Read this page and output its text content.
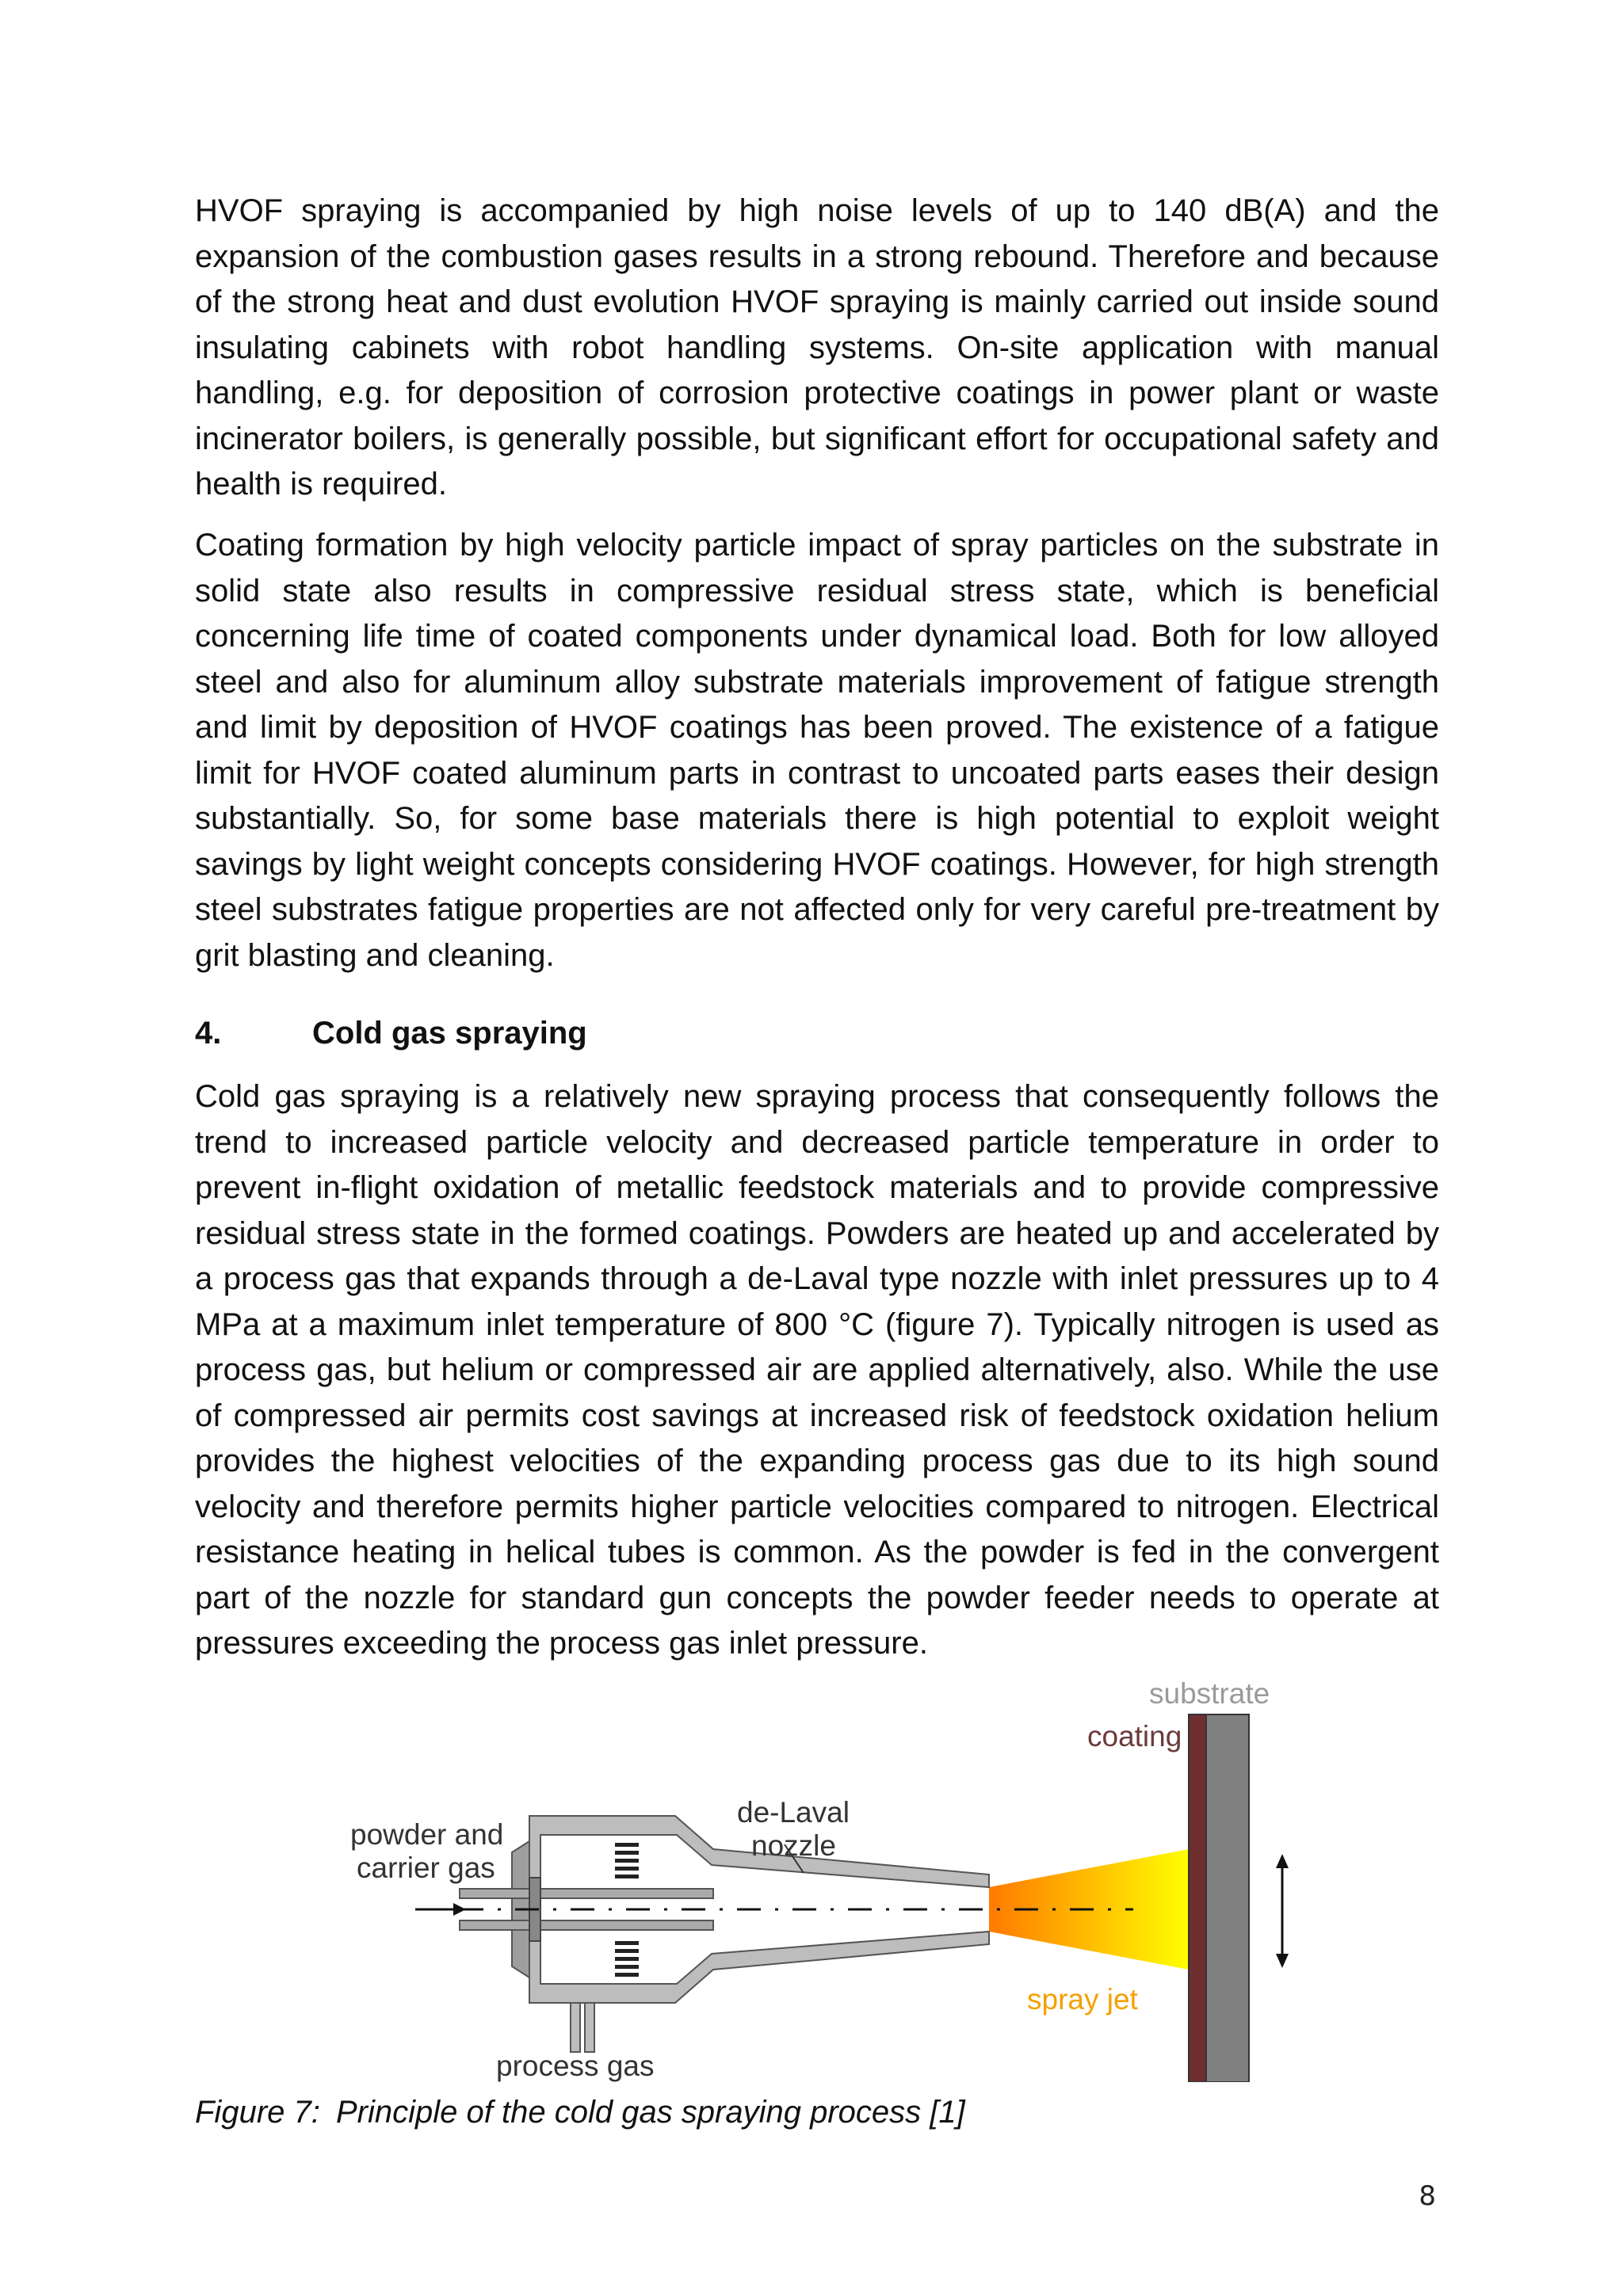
HVOF spraying is accompanied by high noise levels of up to 140 dB(A) and the expansion of the combustion gases results in a strong rebound. Therefore and because of the strong heat and dust evolution HVOF spraying is mainly carried out inside sound insulating cabinets with robot handling systems. On-site application with manual handling, e.g. for deposition of corrosion protective coatings in power plant or waste incinerator boilers, is generally possible, but significant effort for occupational safety and health is required.

Coating formation by high velocity particle impact of spray particles on the substrate in solid state also results in compressive residual stress state, which is beneficial concerning life time of coated components under dynamical load. Both for low alloyed steel and also for aluminum alloy substrate materials improvement of fatigue strength and limit by deposition of HVOF coatings has been proved. The existence of a fatigue limit for HVOF coated aluminum parts in contrast to uncoated parts eases their design substantially. So, for some base materials there is high potential to exploit weight savings by light weight concepts considering HVOF coatings. However, for high strength steel substrates fatigue properties are not affected only for very careful pre-treatment by grit blasting and cleaning.

4.	Cold gas spraying

Cold gas spraying is a relatively new spraying process that consequently follows the trend to increased particle velocity and decreased particle temperature in order to prevent in-flight oxidation of metallic feedstock materials and to provide compressive residual stress state in the formed coatings. Powders are heated up and accelerated by a process gas that expands through a de-Laval type nozzle with inlet pressures up to 4 MPa at a maximum inlet temperature of 800 °C (figure 7). Typically nitrogen is used as process gas, but helium or compressed air are applied alternatively, also. While the use of compressed air permits cost savings at increased risk of feedstock oxidation helium provides the highest velocities of the expanding process gas due to its high sound velocity and therefore permits higher particle velocities compared to nitrogen. Electrical resistance heating in helical tubes is common. As the powder is fed in the convergent part of the nozzle for standard gun concepts the powder feeder needs to operate at pressures exceeding the process gas inlet pressure.

substrate
coating
powder and
carrier gas
de-Laval
nozzle
spray jet
process gas

Figure 7: Principle of the cold gas spraying process [1]

8
